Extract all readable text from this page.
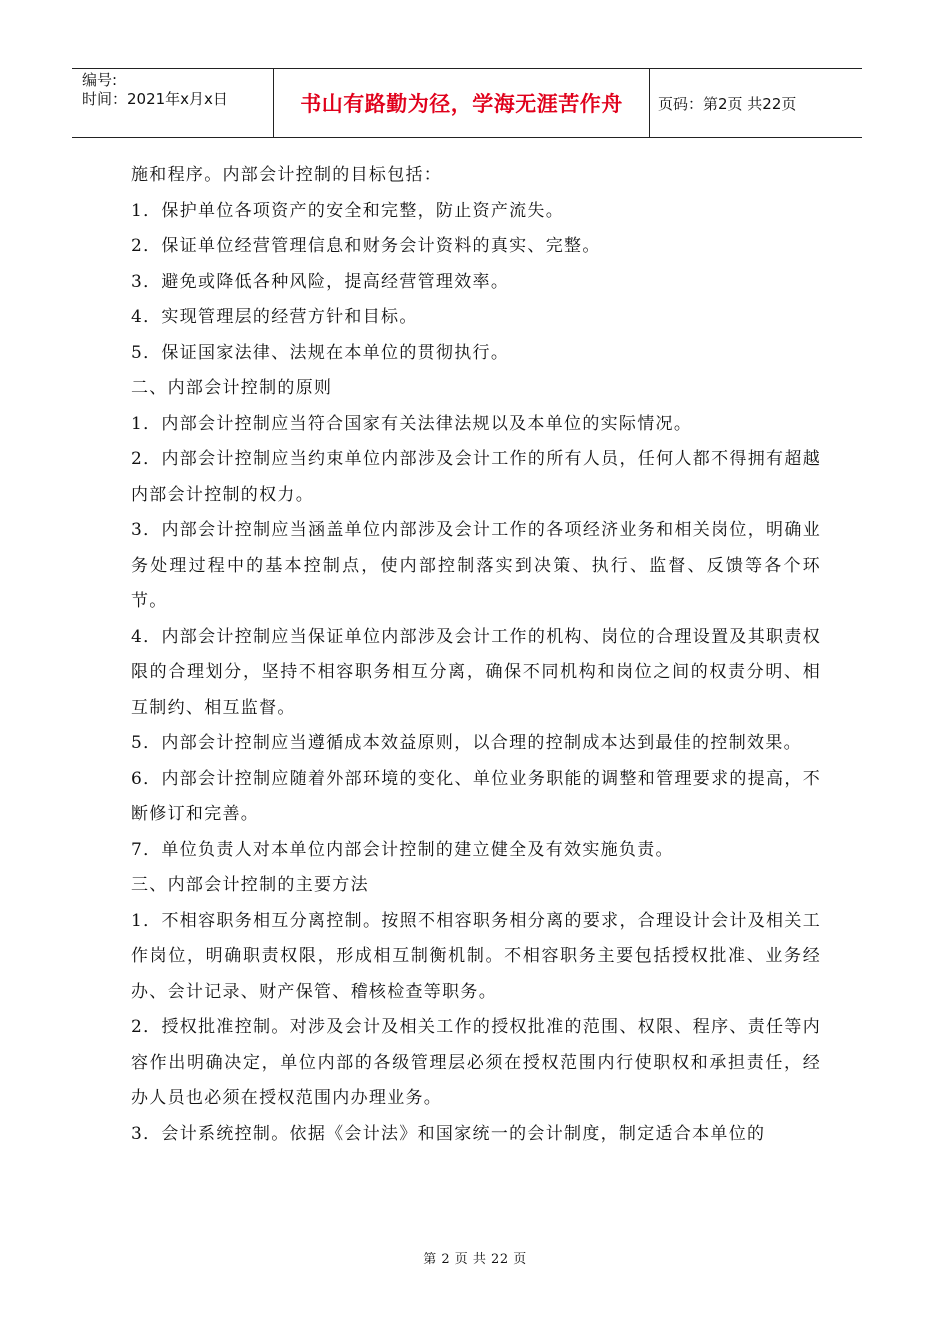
编号:
时间：2021年x月x日	书山有路勤为径，学海无涯苦作舟 页码：第2页 共22页

施和程序。内部会计控制的目标包括：

1．保护单位各项资产的安全和完整，防止资产流失。

2．保证单位经营管理信息和财务会计资料的真实、完整。

3．避免或降低各种风险，提高经营管理效率。

4．实现管理层的经营方针和目标。

5．保证国家法律、法规在本单位的贯彻执行。

二、内部会计控制的原则

1．内部会计控制应当符合国家有关法律法规以及本单位的实际情况。

2．内部会计控制应当约束单位内部涉及会计工作的所有人员，任何人都不得拥有超越内部会计控制的权力。

3．内部会计控制应当涵盖单位内部涉及会计工作的各项经济业务和相关岗位，明确业务处理过程中的基本控制点，使内部控制落实到决策、执行、监督、反馈等各个环节。

4．内部会计控制应当保证单位内部涉及会计工作的机构、岗位的合理设置及其职责权限的合理划分，坚持不相容职务相互分离，确保不同机构和岗位之间的权责分明、相互制约、相互监督。

5．内部会计控制应当遵循成本效益原则，以合理的控制成本达到最佳的控制效果。

6．内部会计控制应随着外部环境的变化、单位业务职能的调整和管理要求的提高，不断修订和完善。

7．单位负责人对本单位内部会计控制的建立健全及有效实施负责。

三、内部会计控制的主要方法

1．不相容职务相互分离控制。按照不相容职务相分离的要求，合理设计会计及相关工作岗位，明确职责权限，形成相互制衡机制。不相容职务主要包括授权批准、业务经办、会计记录、财产保管、稽核检查等职务。

2．授权批准控制。对涉及会计及相关工作的授权批准的范围、权限、程序、责任等内容作出明确决定，单位内部的各级管理层必须在授权范围内行使职权和承担责任，经办人员也必须在授权范围内办理业务。

3．会计系统控制。依据《会计法》和国家统一的会计制度，制定适合本单位的

第 2 页 共 22 页
